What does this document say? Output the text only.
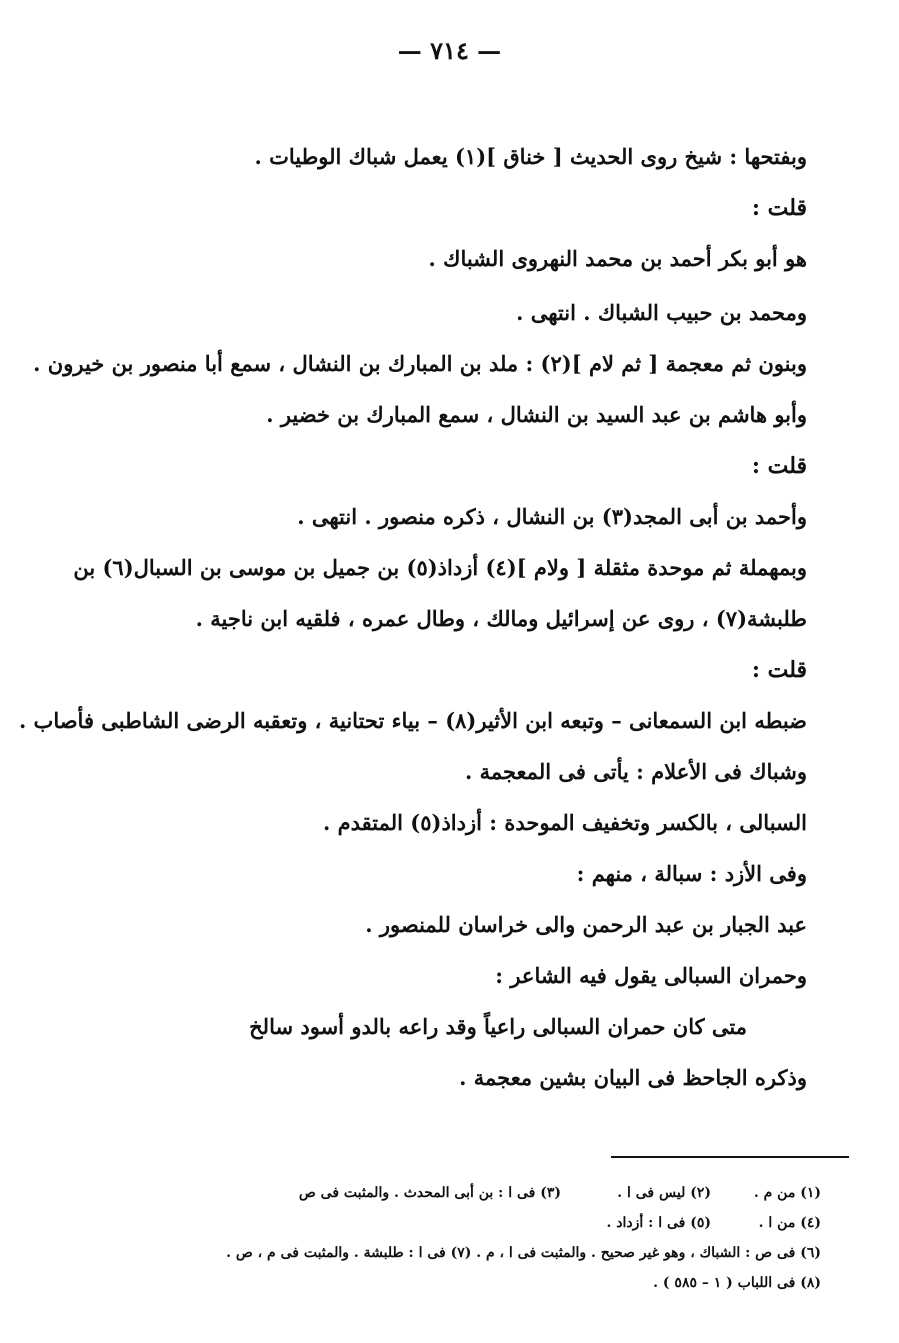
— ٧١٤ —
وبفتحها : شيخ روى الحديث [ خناق ](١) يعمل شباك الوطيات .
قلت :
هو أبو بكر أحمد بن محمد النهروى الشباك .
ومحمد بن حبيب الشباك . انتهى .
وبنون ثم معجمة [ ثم لام ](٢) : ملد بن المبارك بن النشال ، سمع أبا منصور بن خيرون .
وأبو هاشم بن عبد السيد بن النشال ، سمع المبارك بن خضير .
قلت :
وأحمد بن أبى المجد(٣) بن النشال ، ذكره منصور . انتهى .
وبمهملة ثم موحدة مثقلة [ ولام ](٤) أزداذ(٥) بن جميل بن موسى بن السبال(٦) بن
طلبشة(٧) ، روى عن إسرائيل ومالك ، وطال عمره ، فلقيه ابن ناجية .
قلت :
ضبطه ابن السمعانى – وتبعه ابن الأثير(٨) – بياء تحتانية ، وتعقبه الرضى الشاطبى فأصاب .
وشباك فى الأعلام : يأتى فى المعجمة .
السبالى ، بالكسر وتخفيف الموحدة : أزداذ(٥) المتقدم .
وفى الأزد : سبالة ، منهم :
عبد الجبار بن عبد الرحمن والى خراسان للمنصور .
وحمران السبالى يقول فيه الشاعر :
متى كان حمران السبالى راعياً وقد راعه بالدو أسود سالخ
وذكره الجاحظ فى البيان بشين معجمة .
(١) من م .
(٢) ليس فى ا .
(٣) فى ا : بن أبى المحدث . والمثبت فى ص
(٤) من ا .
(٥) فى ا : أزداد .
(٦) فى ص : الشباك ، وهو غير صحيح . والمثبت فى ا ، م . (٧) فى ا : طلبشة . والمثبت فى م ، ص .
(٨) فى اللباب ( ١ – ٥٨٥ ) .
